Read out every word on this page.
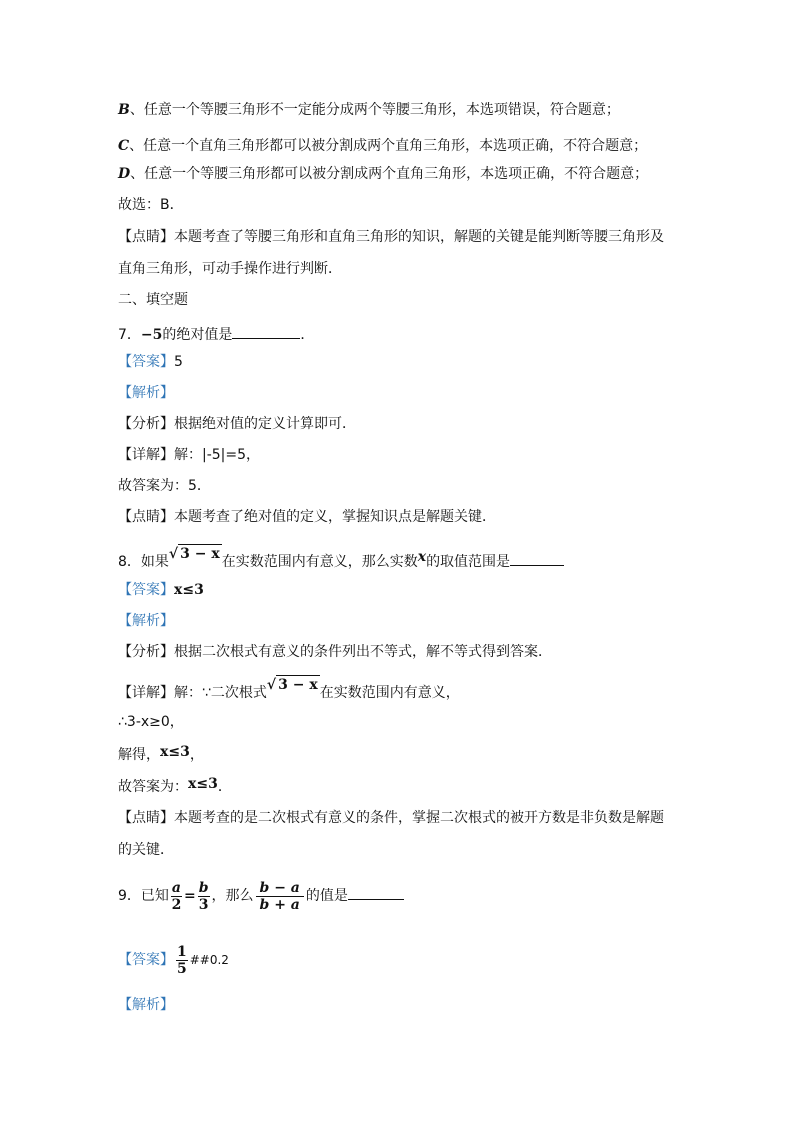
B、任意一个等腰三角形不一定能分成两个等腰三角形，本选项错误，符合题意；
C、任意一个直角三角形都可以被分割成两个直角三角形，本选项正确，不符合题意；
D、任意一个等腰三角形都可以被分割成两个直角三角形，本选项正确，不符合题意；
故选：B．
【点睛】本题考查了等腰三角形和直角三角形的知识，解题的关键是能判断等腰三角形及
直角三角形，可动手操作进行判断．
二、填空题
7．−5的绝对值是	．
【答案】5
【解析】
【分析】根据绝对值的定义计算即可．
【详解】解：|-5|=5，
故答案为：5．
【点睛】本题考查了绝对值的定义，掌握知识点是解题关键．
8．如果√ 3 − x 在实数范围内有意义，那么实数x的取值范围是
【答案】x≤3
【解析】
【分析】根据二次根式有意义的条件列出不等式，解不等式得到答案．
【详解】解：∵二次根式√ 3 − x 在实数范围内有意义，
∴3-x≥0，
解得，x≤3，
故答案为：x≤3．
【点睛】本题考查的是二次根式有意义的条件，掌握二次根式的被开方数是非负数是解题
的关键．
9．已知 $\frac{a}{2} = \frac{b}{3}$ ，那么 $\frac{b - a}{b + a}$ 的值是
【答案】 $\frac{1}{5}$ ##0.2
【解析】
